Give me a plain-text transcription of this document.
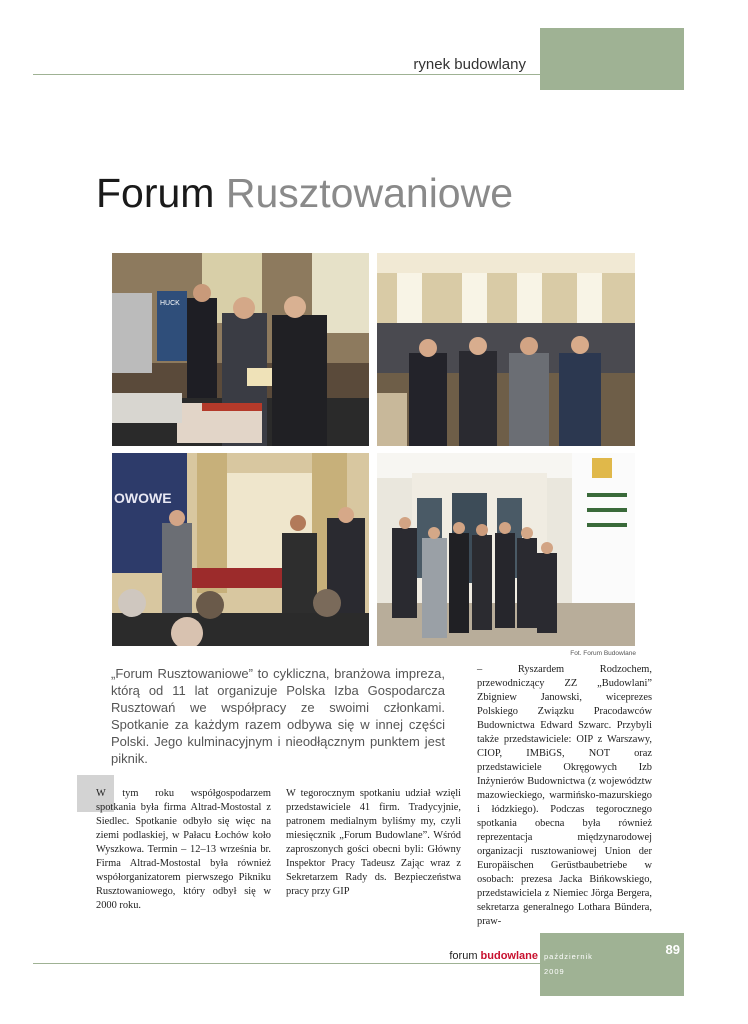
rynek budowlany
Forum Rusztowaniowe
HUCK
OWOWE
Fot. Forum Budowlane
„Forum Rusztowaniowe” to cykliczna, branżowa impreza, którą od 11 lat organizuje Polska Izba Gospodarcza Rusztowań we współpracy ze swoimi członkami. Spotkanie za każdym razem odbywa się w innej części Polski. Jego kulminacyjnym i nieodłącznym punktem jest piknik.
W tym roku współgospodarzem spotkania była firma Altrad-Mostostal z Siedlec. Spotkanie odbyło się więc na ziemi podlaskiej, w Pałacu Łochów koło Wyszkowa. Termin – 12–13 września br. Firma Altrad-Mostostal była również współorganizatorem pierwszego Pikniku Rusztowaniowego, który odbył się w 2000 roku.
W tegorocznym spotkaniu udział wzięli przedstawiciele 41 firm. Tradycyjnie, patronem medialnym byliśmy my, czyli miesięcznik „Forum Budowlane”. Wśród zaproszonych gości obecni byli: Główny Inspektor Pracy Tadeusz Zając wraz z Sekretarzem Rady ds. Bezpieczeństwa pracy przy GIP
– Ryszardem Rodzochem, przewodniczący ZZ „Budowlani” Zbigniew Janowski, wiceprezes Polskiego Związku Pracodawców Budownictwa Edward Szwarc. Przybyli także przedstawiciele: OIP z Warszawy, CIOP, IMBiGS, NOT oraz przedstawiciele Okręgowych Izb Inżynierów Budownictwa (z województw mazowieckiego, warmińsko-mazurskiego i łódzkiego). Podczas tegorocznego spotkania obecna była również reprezentacja międzynarodowej organizacji rusztowaniowej Union der Europäischen Gerüstbaubetriebe w osobach: prezesa Jacka Bińkowskiego, przedstawiciela z Niemiec Jörga Bergera, sekretarza generalnego Lothara Bündera, praw-
forum budowlane październik
2009
89
